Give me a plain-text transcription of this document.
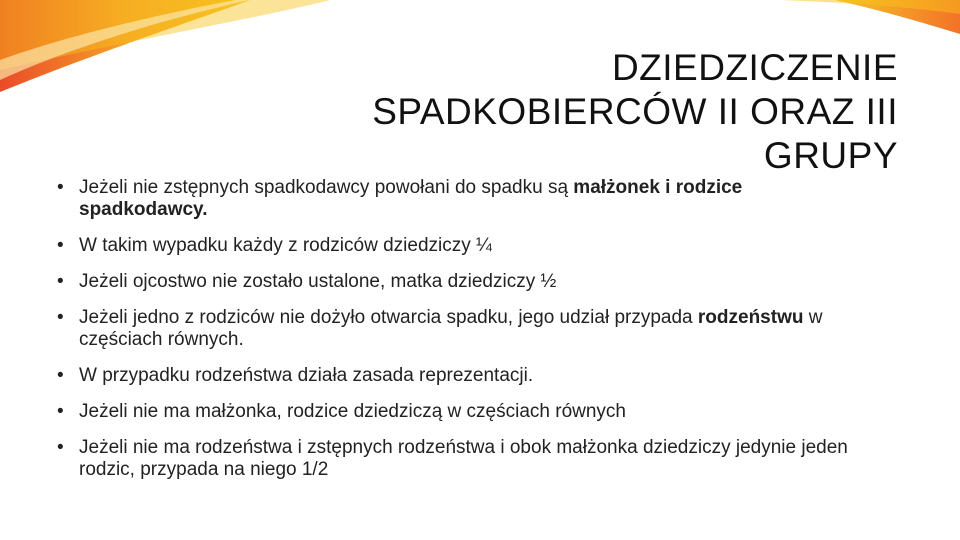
DZIEDZICZENIE
SPADKOBIERCÓW II ORAZ III
GRUPY
• Jeżeli nie zstępnych spadkodawcy powołani do spadku są małżonek i rodzice spadkodawcy.
• W takim wypadku każdy z rodziców dziedziczy ¼
• Jeżeli ojcostwo nie zostało ustalone, matka dziedziczy ½
• Jeżeli jedno z rodziców nie dożyło otwarcia spadku, jego udział przypada rodzeństwu w częściach równych.
• W przypadku rodzeństwa działa zasada reprezentacji.
• Jeżeli nie ma małżonka, rodzice dziedziczą w częściach równych
• Jeżeli nie ma rodzeństwa i zstępnych rodzeństwa i obok małżonka dziedziczy jedynie jeden rodzic, przypada na niego 1/2
